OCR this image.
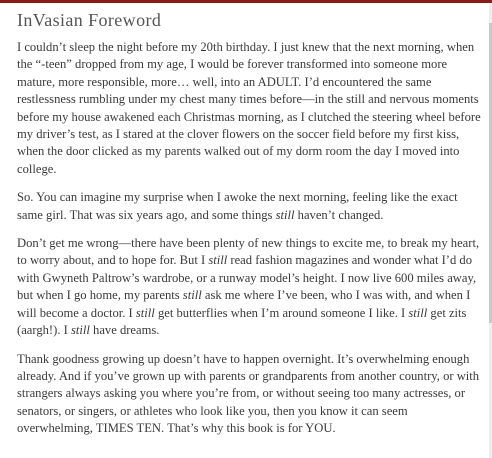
InVasian Foreword

I couldn’t sleep the night before my 20th birthday. I just knew that the next morning, when the “-teen” dropped from my age, I would be forever transformed into someone more mature, more responsible, more… well, into an ADULT. I’d encountered the same restlessness rumbling under my chest many times before—in the still and nervous moments before my house awakened each Christmas morning, as I clutched the steering wheel before my driver’s test, as I stared at the clover flowers on the soccer field before my first kiss, when the door clicked as my parents walked out of my dorm room the day I moved into college.

So. You can imagine my surprise when I awoke the next morning, feeling like the exact same girl. That was six years ago, and some things still haven’t changed.

Don’t get me wrong—there have been plenty of new things to excite me, to break my heart, to worry about, and to hope for. But I still read fashion magazines and wonder what I’d do with Gwyneth Paltrow’s wardrobe, or a runway model’s height. I now live 600 miles away, but when I go home, my parents still ask me where I’ve been, who I was with, and when I will become a doctor. I still get butterflies when I’m around someone I like. I still get zits (aargh!). I still have dreams.

Thank goodness growing up doesn’t have to happen overnight. It’s overwhelming enough already. And if you’ve grown up with parents or grandparents from another country, or with strangers always asking you where you’re from, or without seeing too many actresses, or senators, or singers, or athletes who look like you, then you know it can seem overwhelming, TIMES TEN. That’s why this book is for YOU.
